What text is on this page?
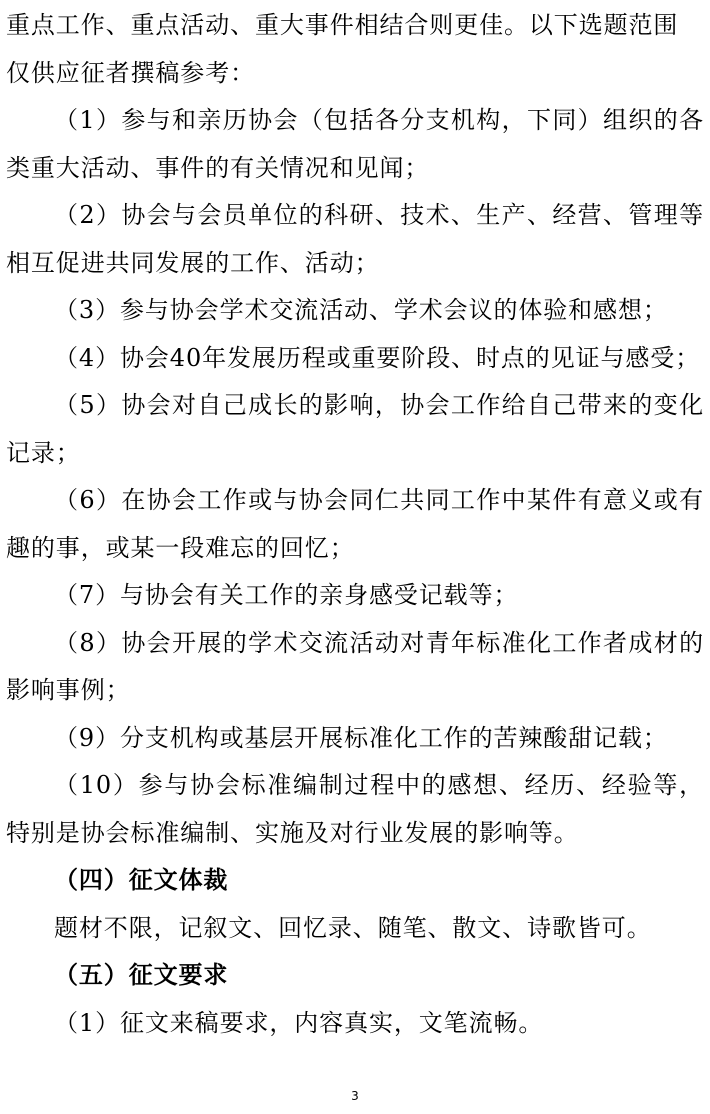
重点工作、重点活动、重大事件相结合则更佳。以下选题范围

仅供应征者撰稿参考：

（1）参与和亲历协会（包括各分支机构，下同）组织的各类重大活动、事件的有关情况和见闻；

（2）协会与会员单位的科研、技术、生产、经营、管理等相互促进共同发展的工作、活动；

（3）参与协会学术交流活动、学术会议的体验和感想；

（4）协会40年发展历程或重要阶段、时点的见证与感受；

（5）协会对自己成长的影响，协会工作给自己带来的变化记录；

（6）在协会工作或与协会同仁共同工作中某件有意义或有趣的事，或某一段难忘的回忆；

（7）与协会有关工作的亲身感受记载等；

（8）协会开展的学术交流活动对青年标准化工作者成材的影响事例；

（9）分支机构或基层开展标准化工作的苦辣酸甜记载；

（10）参与协会标准编制过程中的感想、经历、经验等，特别是协会标准编制、实施及对行业发展的影响等。

（四）征文体裁

题材不限，记叙文、回忆录、随笔、散文、诗歌皆可。

（五）征文要求

（1）征文来稿要求，内容真实，文笔流畅。

3
